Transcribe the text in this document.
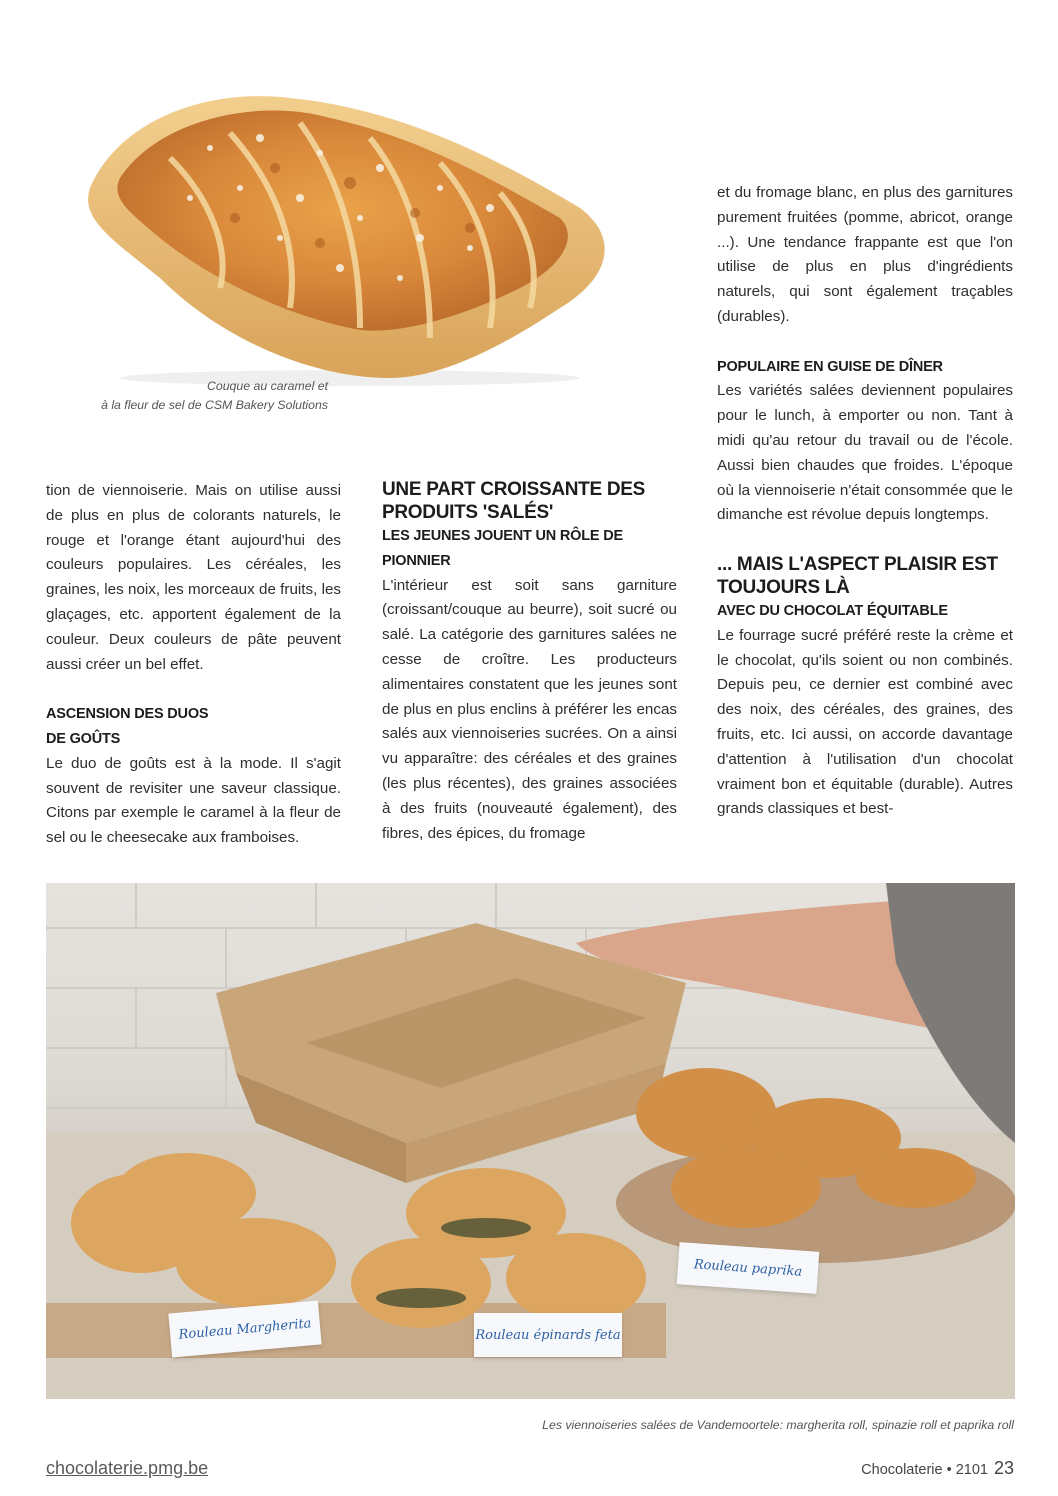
Couque au caramel et
à la fleur de sel de CSM Bakery Solutions

tion de viennoiserie. Mais on utilise aussi de plus en plus de colorants naturels, le rouge et l'orange étant aujourd'hui des couleurs populaires. Les céréales, les graines, les noix, les morceaux de fruits, les glaçages, etc. apportent également de la couleur. Deux couleurs de pâte peuvent aussi créer un bel effet.

ASCENSION DES DUOS

DE GOÛTS

Le duo de goûts est à la mode. Il s'agit souvent de revisiter une saveur classique. Citons par exemple le caramel à la fleur de sel ou le cheesecake aux framboises.

UNE PART CROISSANTE DES

PRODUITS 'SALÉS'

LES JEUNES JOUENT UN RÔLE DE

PIONNIER

L'intérieur est soit sans garniture (croissant/couque au beurre), soit sucré ou salé. La catégorie des garnitures salées ne cesse de croître. Les producteurs alimentaires constatent que les jeunes sont de plus en plus enclins à préférer les encas salés aux viennoiseries sucrées. On a ainsi vu apparaître: des céréales et des graines (les plus récentes), des graines associées à des fruits (nouveauté également), des fibres, des épices, du fromage

et du fromage blanc, en plus des garnitures purement fruitées (pomme, abricot, orange ...). Une tendance frappante est que l'on utilise de plus en plus d'ingrédients naturels, qui sont également traçables (durables).

POPULAIRE EN GUISE DE DÎNER

Les variétés salées deviennent populaires pour le lunch, à emporter ou non. Tant à midi qu'au retour du travail ou de l'école. Aussi bien chaudes que froides. L'époque où la viennoiserie n'était consommée que le dimanche est révolue depuis longtemps.

... MAIS L'ASPECT PLAISIR EST

TOUJOURS LÀ

AVEC DU CHOCOLAT ÉQUITABLE

Le fourrage sucré préféré reste la crème et le chocolat, qu'ils soient ou non combinés. Depuis peu, ce dernier est combiné avec des noix, des céréales, des graines, des fruits, etc. Ici aussi, on accorde davantage d'attention à l'utilisation d'un chocolat vraiment bon et équitable (durable). Autres grands classiques et best-

Rouleau Margherita	Rouleau épinards feta
Rouleau paprika
Les viennoiseries salées de Vandemoortele: margherita roll, spinazie roll et paprika roll
chocolaterie.pmg.be	Chocolaterie • 2101 23
